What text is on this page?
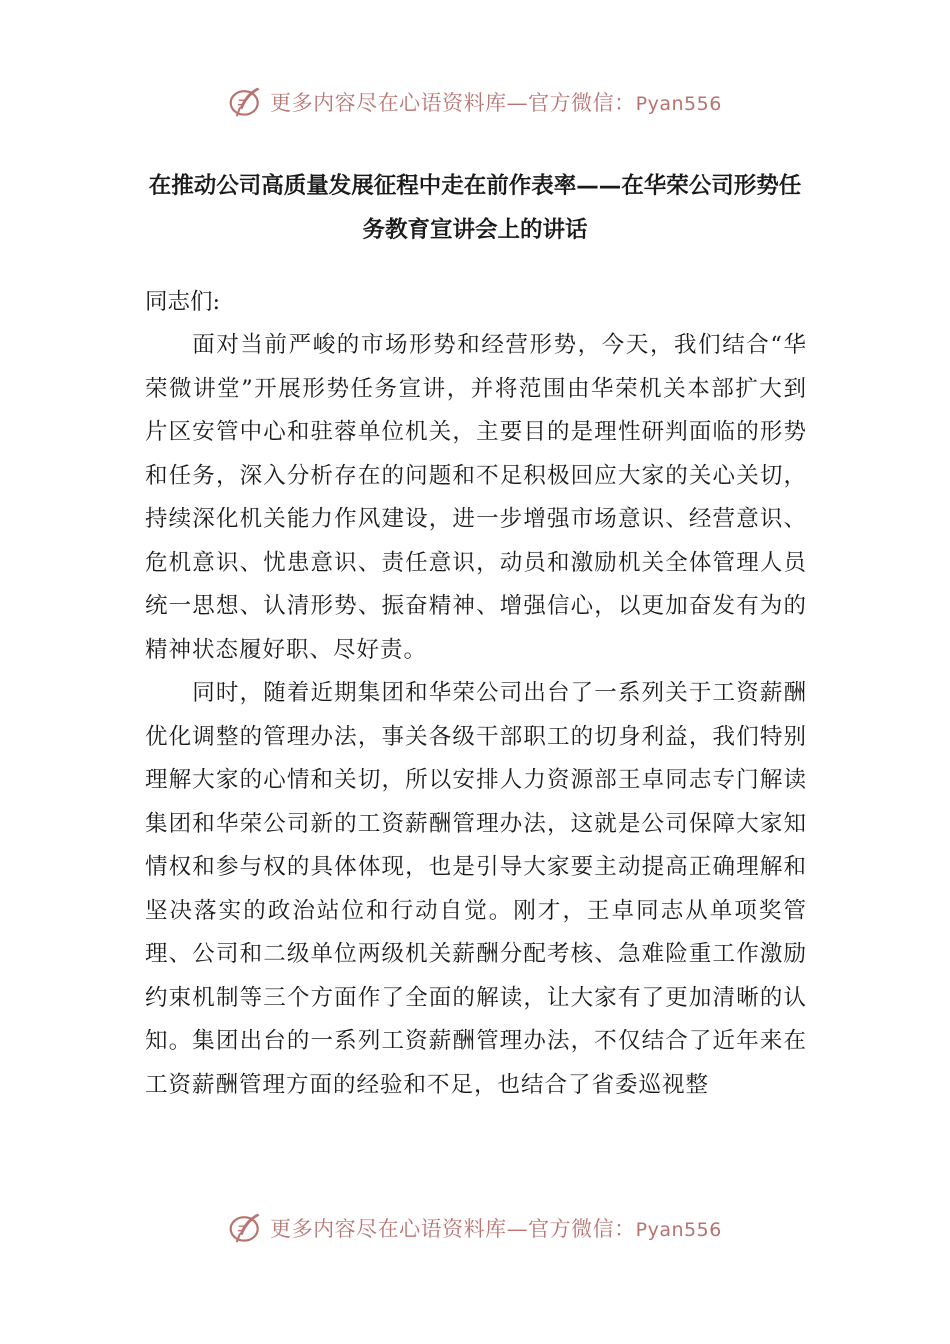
更多内容尽在心语资料库—官方微信：Pyan556
在推动公司高质量发展征程中走在前作表率——在华荣公司形势任务教育宣讲会上的讲话

同志们:

面对当前严峻的市场形势和经营形势，今天，我们结合“华荣微讲堂”开展形势任务宣讲，并将范围由华荣机关本部扩大到片区安管中心和驻蓉单位机关，主要目的是理性研判面临的形势和任务，深入分析存在的问题和不足积极回应大家的关心关切，持续深化机关能力作风建设，进一步增强市场意识、经营意识、危机意识、忧患意识、责任意识，动员和激励机关全体管理人员统一思想、认清形势、振奋精神、增强信心，以更加奋发有为的精神状态履好职、尽好责。

同时，随着近期集团和华荣公司出台了一系列关于工资薪酬优化调整的管理办法，事关各级干部职工的切身利益，我们特别理解大家的心情和关切，所以安排人力资源部王卓同志专门解读集团和华荣公司新的工资薪酬管理办法，这就是公司保障大家知情权和参与权的具体体现，也是引导大家要主动提高正确理解和坚决落实的政治站位和行动自觉。刚才，王卓同志从单项奖管理、公司和二级单位两级机关薪酬分配考核、急难险重工作激励约束机制等三个方面作了全面的解读，让大家有了更加清晰的认知。集团出台的一系列工资薪酬管理办法，不仅结合了近年来在工资薪酬管理方面的经验和不足，也结合了省委巡视整

更多内容尽在心语资料库—官方微信：Pyan556
